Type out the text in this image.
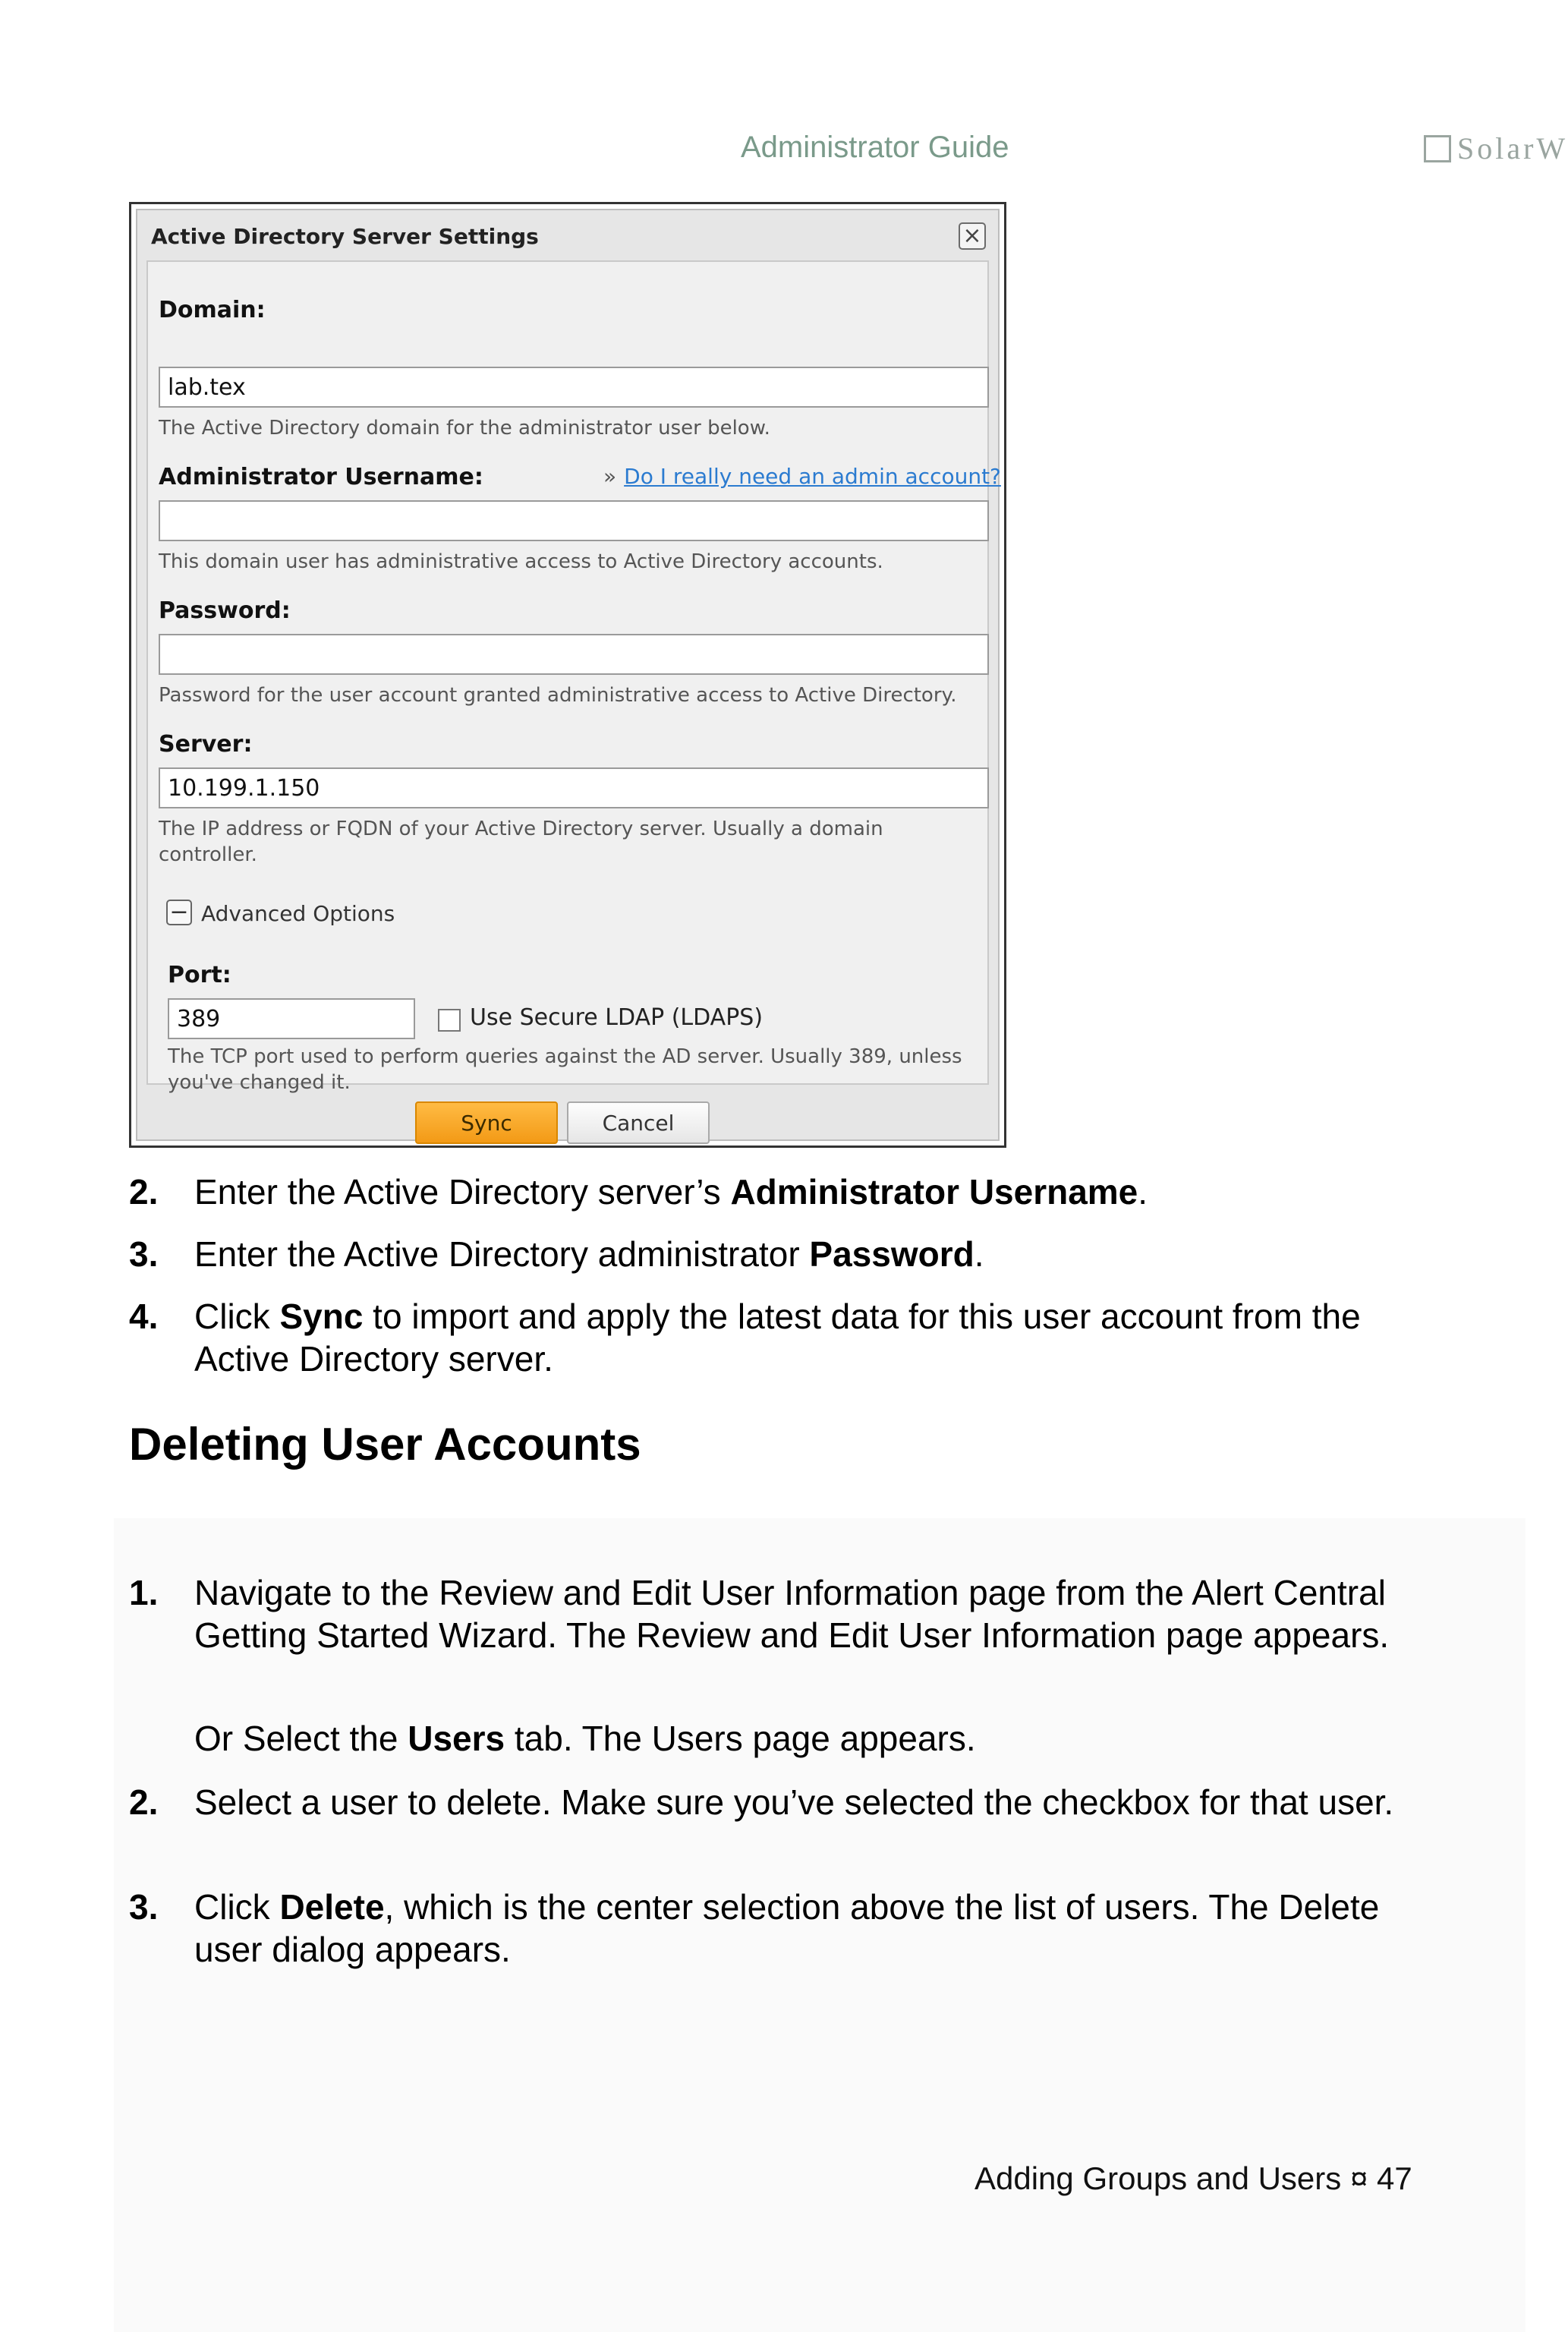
Administrator Guide	SolarW
Active Directory Server Settings	×
Domain:
lab.tex
The Active Directory domain for the administrator user below.
Administrator Username:	» Do I really need an admin account?
This domain user has administrative access to Active Directory accounts.
Password:
Password for the user account granted administrative access to Active Directory.
Server:
10.199.1.150
The IP address or FQDN of your Active Directory server. Usually a domain controller.
− Advanced Options
Port:
389	Use Secure LDAP (LDAPS)
The TCP port used to perform queries against the AD server. Usually 389, unless you've changed it.
Sync	Cancel
2. Enter the Active Directory server’s Administrator Username.
3. Enter the Active Directory administrator Password.
4. Click Sync to import and apply the latest data for this user account from the Active Directory server.
Deleting User Accounts
1. Navigate to the Review and Edit User Information page from the Alert Central Getting Started Wizard. The Review and Edit User Information page appears.
Or Select the Users tab. The Users page appears.
2. Select a user to delete. Make sure you’ve selected the checkbox for that user.
3. Click Delete, which is the center selection above the list of users. The Delete user dialog appears.
Adding Groups and Users ¤ 47
